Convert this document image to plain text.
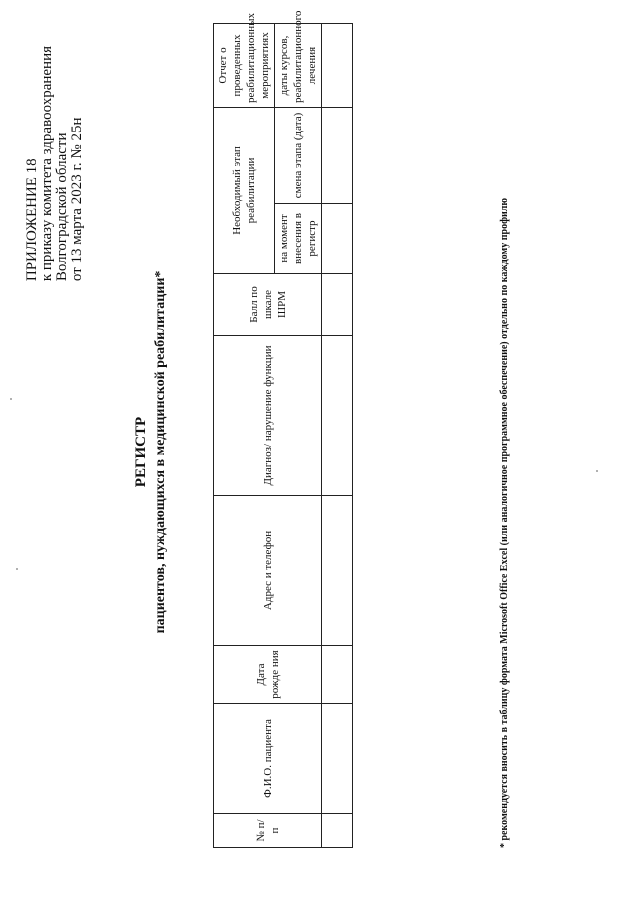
ПРИЛОЖЕНИЕ 18 к приказу комитета здравоохранения Волгоградской области от 13 марта 2023 г. № 25н
РЕГИСТР пациентов, нуждающихся в медицинской реабилитации*
№ п/п	Ф.И.О. пациента	Дата рожде ния	Адрес и телефон	Диагноз/ нарушение функции	Балл по шкале ШРМ	Необходимый этап реабилитации		Отчет о проведенных реабилитационных мероприятиях
						на момент внесения в регистр	смена этапа (дата)	даты курсов, реабилитационного лечения

* рекомендуется вносить в таблицу формата Microsoft Office Excel (или аналогичное программное обеспечение) отдельно по каждому профилю
